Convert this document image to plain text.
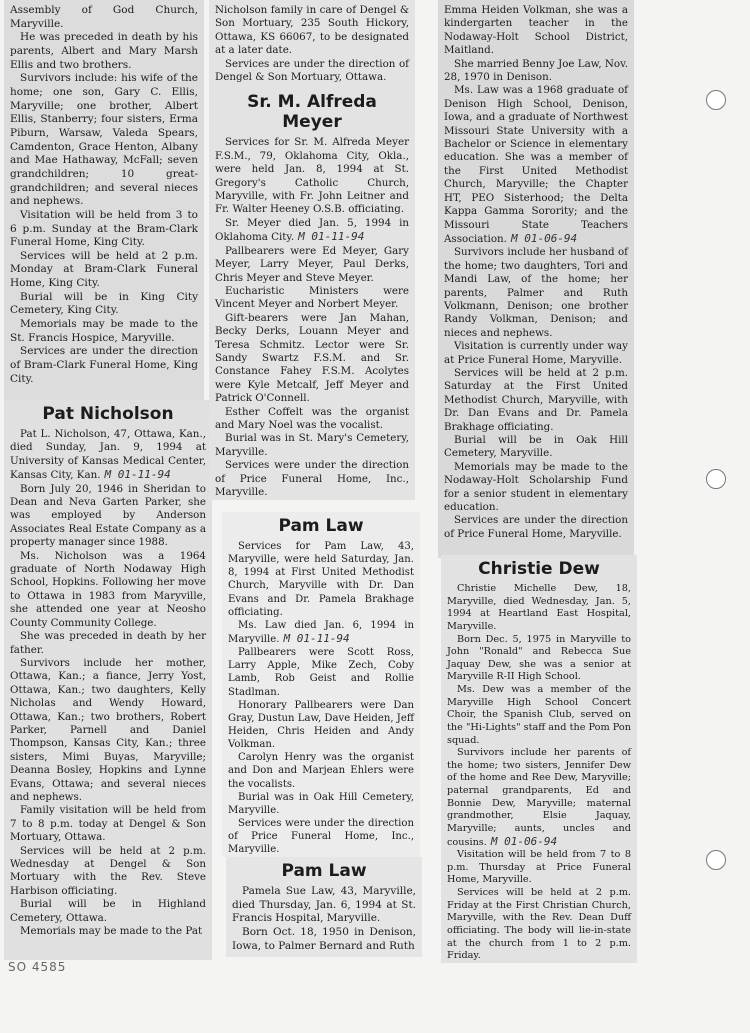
Assembly of God Church, Maryville.

He was preceded in death by his parents, Albert and Mary Marsh Ellis and two brothers.

Survivors include: his wife of the home; one son, Gary C. Ellis, Maryville; one brother, Albert Ellis, Stanberry; four sisters, Erma Piburn, Warsaw, Valeda Spears, Camdenton, Grace Henton, Albany and Mae Hathaway, McFall; seven grandchildren; 10 great-grandchildren; and several nieces and nephews.

Visitation will be held from 3 to 6 p.m. Sunday at the Bram-Clark Funeral Home, King City.

Services will be held at 2 p.m. Monday at Bram-Clark Funeral Home, King City.

Burial will be in King City Cemetery, King City.

Memorials may be made to the St. Francis Hospice, Maryville.

Services are under the direction of Bram-Clark Funeral Home, King City.

Pat Nicholson

Pat L. Nicholson, 47, Ottawa, Kan., died Sunday, Jan. 9, 1994 at University of Kansas Medical Center, Kansas City, Kan. M 01-11-94

Born July 20, 1946 in Sheridan to Dean and Neva Garten Parker, she was employed by Anderson Associates Real Estate Company as a property manager since 1988.

Ms. Nicholson was a 1964 graduate of North Nodaway High School, Hopkins. Following her move to Ottawa in 1983 from Maryville, she attended one year at Neosho County Community College.

She was preceded in death by her father.

Survivors include her mother, Ottawa, Kan.; a fiance, Jerry Yost, Ottawa, Kan.; two daughters, Kelly Nicholas and Wendy Howard, Ottawa, Kan.; two brothers, Robert Parker, Parnell and Daniel Thompson, Kansas City, Kan.; three sisters, Mimi Buyas, Maryville; Deanna Bosley, Hopkins and Lynne Evans, Ottawa; and several nieces and nephews.

Family visitation will be held from 7 to 8 p.m. today at Dengel & Son Mortuary, Ottawa.

Services will be held at 2 p.m. Wednesday at Dengel & Son Mortuary with the Rev. Steve Harbison officiating.

Burial will be in Highland Cemetery, Ottawa.

Memorials may be made to the Pat

Nicholson family in care of Dengel & Son Mortuary, 235 South Hickory, Ottawa, KS 66067, to be designated at a later date.

Services are under the direction of Dengel & Son Mortuary, Ottawa.

Sr. M. Alfreda Meyer

Services for Sr. M. Alfreda Meyer F.S.M., 79, Oklahoma City, Okla., were held Jan. 8, 1994 at St. Gregory's Catholic Church, Maryville, with Fr. John Leitner and Fr. Walter Heeney O.S.B. officiating.

Sr. Meyer died Jan. 5, 1994 in Oklahoma City. M 01-11-94

Pallbearers were Ed Meyer, Gary Meyer, Larry Meyer, Paul Derks, Chris Meyer and Steve Meyer.

Eucharistic Ministers were Vincent Meyer and Norbert Meyer.

Gift-bearers were Jan Mahan, Becky Derks, Louann Meyer and Teresa Schmitz. Lector were Sr. Sandy Swartz F.S.M. and Sr. Constance Fahey F.S.M. Acolytes were Kyle Metcalf, Jeff Meyer and Patrick O'Connell.

Esther Coffelt was the organist and Mary Noel was the vocalist.

Burial was in St. Mary's Cemetery, Maryville.

Services were under the direction of Price Funeral Home, Inc., Maryville.

Pam Law

Services for Pam Law, 43, Maryville, were held Saturday, Jan. 8, 1994 at First United Methodist Church, Maryville with Dr. Dan Evans and Dr. Pamela Brakhage officiating.

Ms. Law died Jan. 6, 1994 in Maryville. M 01-11-94

Pallbearers were Scott Ross, Larry Apple, Mike Zech, Coby Lamb, Rob Geist and Rollie Stadlman.

Honorary Pallbearers were Dan Gray, Dustun Law, Dave Heiden, Jeff Heiden, Chris Heiden and Andy Volkman.

Carolyn Henry was the organist and Don and Marjean Ehlers were the vocalists.

Burial was in Oak Hill Cemetery, Maryville.

Services were under the direction of Price Funeral Home, Inc., Maryville.

Pam Law

Pamela Sue Law, 43, Maryville, died Thursday, Jan. 6, 1994 at St. Francis Hospital, Maryville.

Born Oct. 18, 1950 in Denison, Iowa, to Palmer Bernard and Ruth

Emma Heiden Volkman, she was a kindergarten teacher in the Nodaway-Holt School District, Maitland.

She married Benny Joe Law, Nov. 28, 1970 in Denison.

Ms. Law was a 1968 graduate of Denison High School, Denison, Iowa, and a graduate of Northwest Missouri State University with a Bachelor or Science in elementary education. She was a member of the First United Methodist Church, Maryville; the Chapter HT, PEO Sisterhood; the Delta Kappa Gamma Sorority; and the Missouri State Teachers Association. M 01-06-94

Survivors include her husband of the home; two daughters, Tori and Mandi Law, of the home; her parents, Palmer and Ruth Volkmann, Denison; one brother Randy Volkman, Denison; and nieces and nephews.

Visitation is currently under way at Price Funeral Home, Maryville.

Services will be held at 2 p.m. Saturday at the First United Methodist Church, Maryville, with Dr. Dan Evans and Dr. Pamela Brakhage officiating.

Burial will be in Oak Hill Cemetery, Maryville.

Memorials may be made to the Nodaway-Holt Scholarship Fund for a senior student in elementary education.

Services are under the direction of Price Funeral Home, Maryville.

Christie Dew

Christie Michelle Dew, 18, Maryville, died Wednesday, Jan. 5, 1994 at Heartland East Hospital, Maryville.

Born Dec. 5, 1975 in Maryville to John "Ronald" and Rebecca Sue Jaquay Dew, she was a senior at Maryville R-II High School.

Ms. Dew was a member of the Maryville High School Concert Choir, the Spanish Club, served on the "Hi-Lights" staff and the Pom Pon squad.

Survivors include her parents of the home; two sisters, Jennifer Dew of the home and Ree Dew, Maryville; paternal grandparents, Ed and Bonnie Dew, Maryville; maternal grandmother, Elsie Jaquay, Maryville; aunts, uncles and cousins. M 01-06-94

Visitation will be held from 7 to 8 p.m. Thursday at Price Funeral Home, Maryville.

Services will be held at 2 p.m. Friday at the First Christian Church, Maryville, with the Rev. Dean Duff officiating. The body will lie-in-state at the church from 1 to 2 p.m. Friday.

SO 4585
